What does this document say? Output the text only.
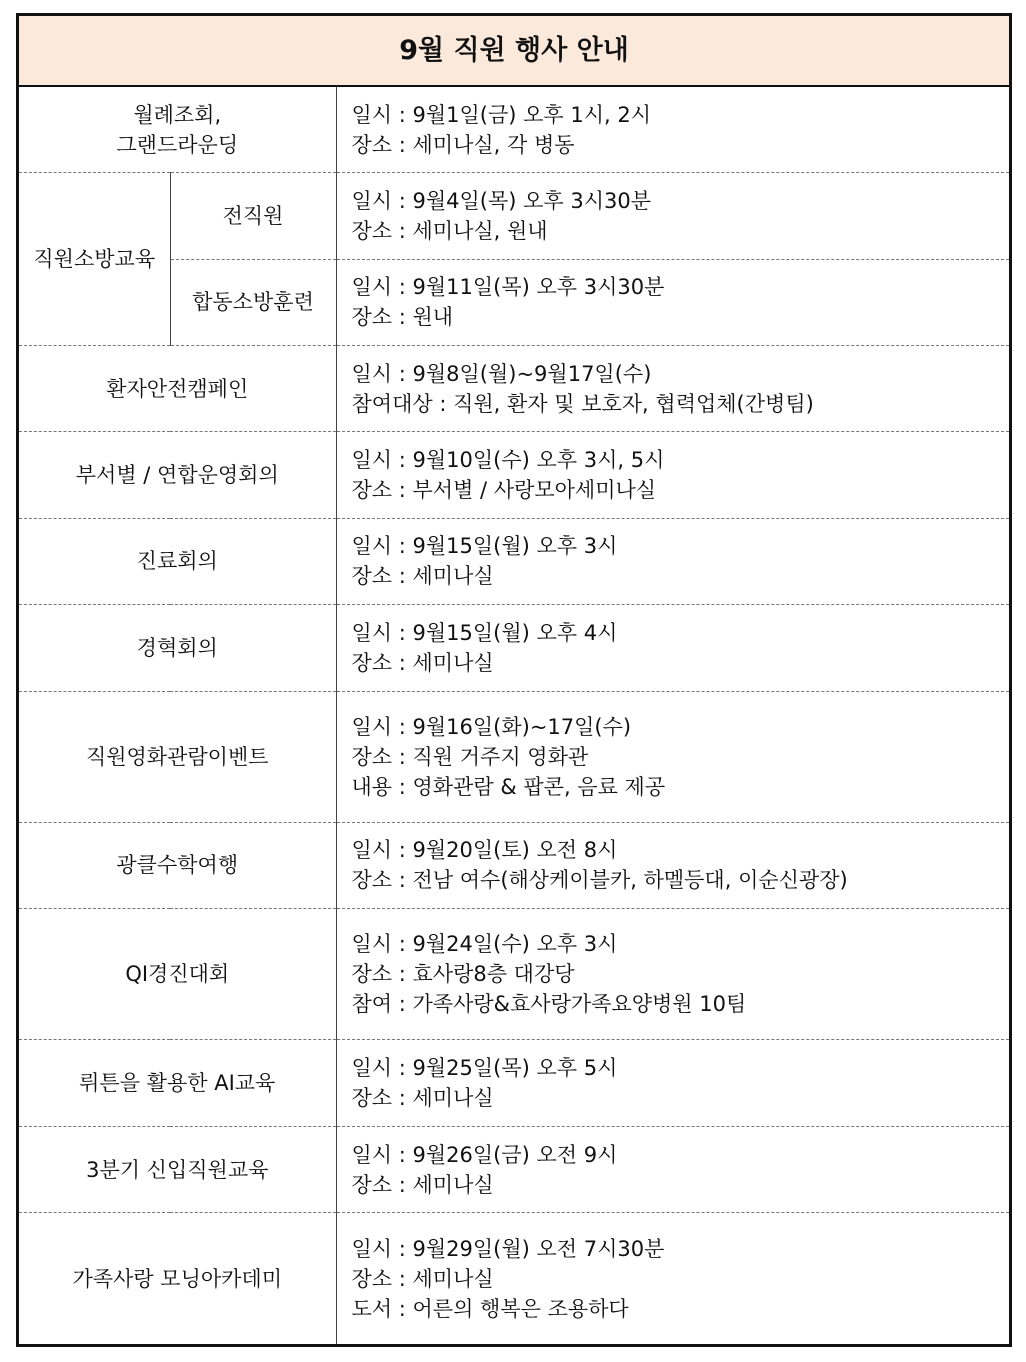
9월 직원 행사 안내		

월례조회,
그랜드라운딩		일시 : 9월1일(금) 오후 1시, 2시
장소 : 세미나실, 각 병동

직원소방교육	전직원	일시 : 9월4일(목) 오후 3시30분
장소 : 세미나실, 원내

	합동소방훈련	일시 : 9월11일(목) 오후 3시30분
장소 : 원내

환자안전캠페인		일시 : 9월8일(월)~9월17일(수)
참여대상 : 직원, 환자 및 보호자, 협력업체(간병팀)

부서별 / 연합운영회의		일시 : 9월10일(수) 오후 3시, 5시
장소 : 부서별 / 사랑모아세미나실

진료회의		일시 : 9월15일(월) 오후 3시
장소 : 세미나실

경혁회의		일시 : 9월15일(월) 오후 4시
장소 : 세미나실

직원영화관람이벤트		일시 : 9월16일(화)~17일(수)
장소 : 직원 거주지 영화관
내용 : 영화관람 & 팝콘, 음료 제공

광클수학여행		일시 : 9월20일(토) 오전 8시
장소 : 전남 여수(해상케이블카, 하멜등대, 이순신광장)

QI경진대회		일시 : 9월24일(수) 오후 3시
장소 : 효사랑8층 대강당
참여 : 가족사랑&효사랑가족요양병원 10팀

뤼튼을 활용한 AI교육		일시 : 9월25일(목) 오후 5시
장소 : 세미나실

3분기 신입직원교육		일시 : 9월26일(금) 오전 9시
장소 : 세미나실

가족사랑 모닝아카데미		일시 : 9월29일(월) 오전 7시30분
장소 : 세미나실
도서 : 어른의 행복은 조용하다
